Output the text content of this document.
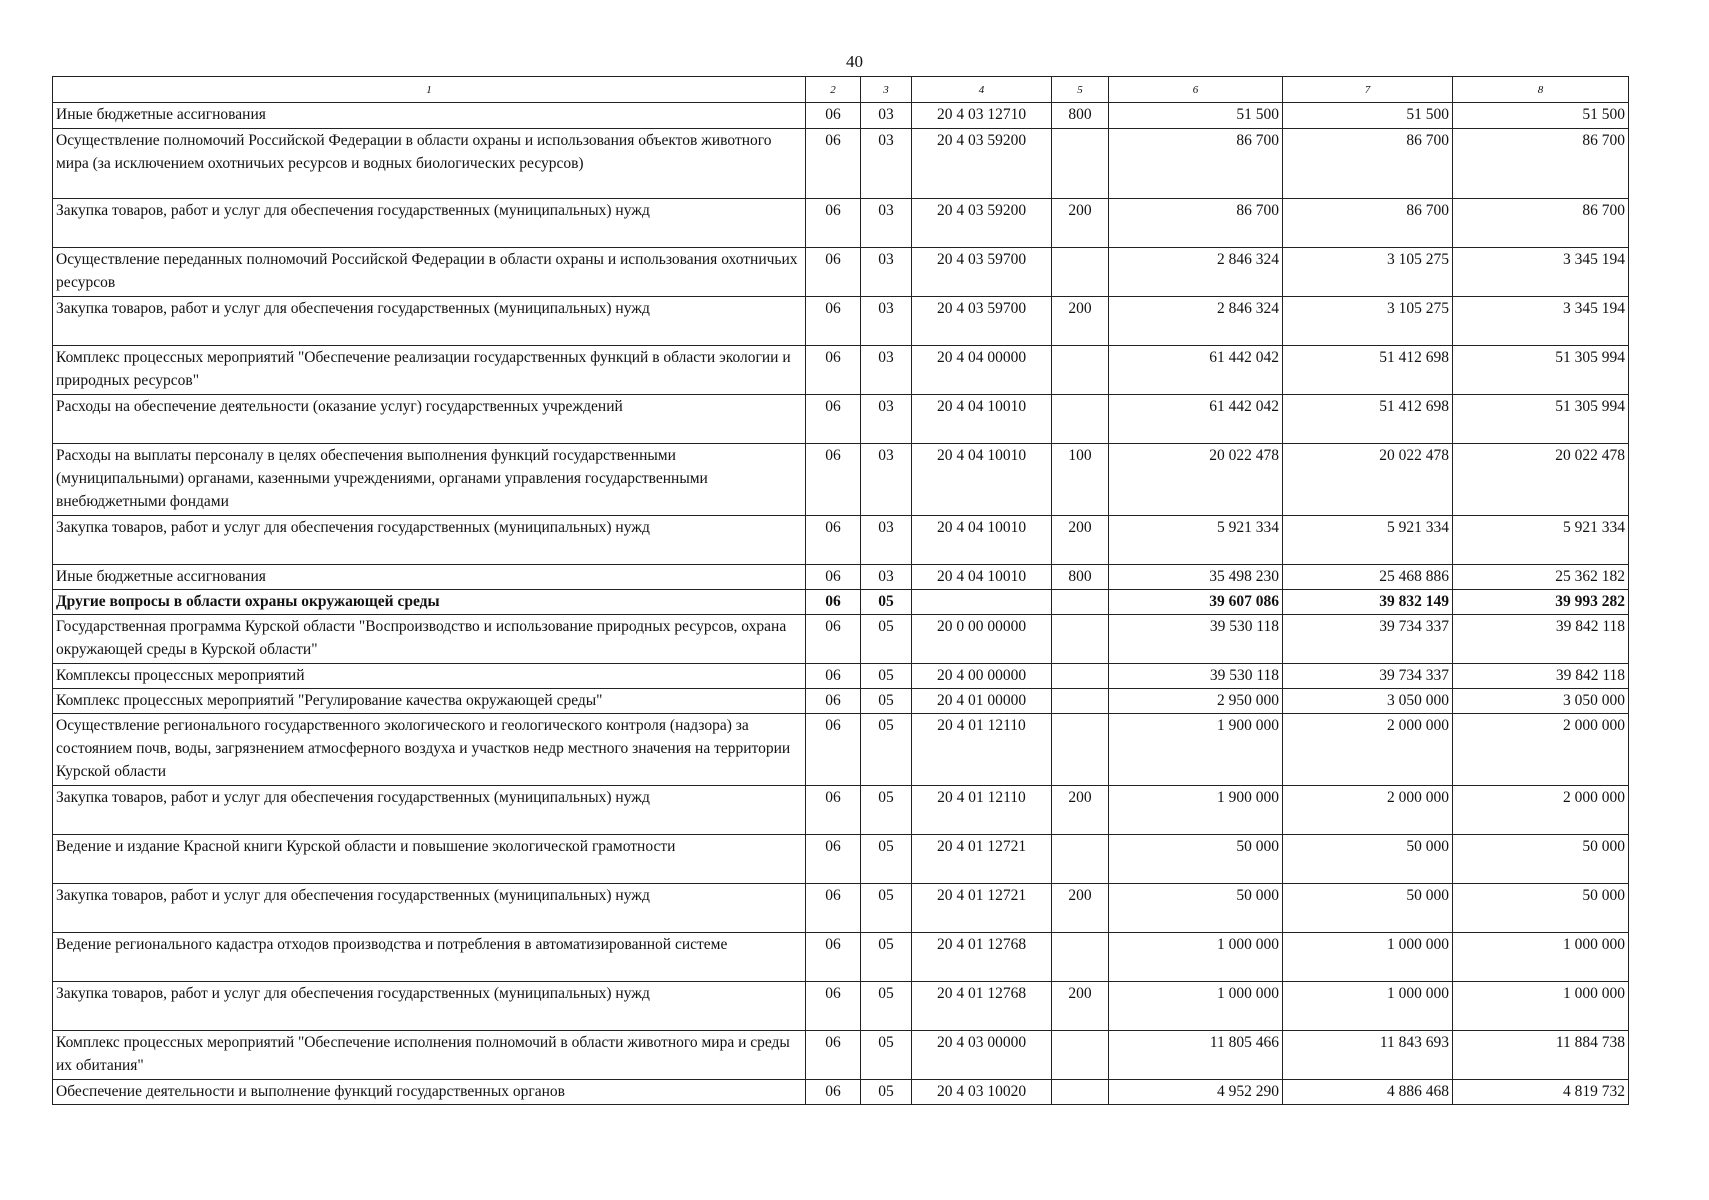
40
1	2	3	4	5	6	7	8
Иные бюджетные ассигнования	06	03	20 4 03 12710	800	51 500	51 500	51 500
Осуществление полномочий Российской Федерации в области охраны и использования объектов животного мира (за исключением охотничьих ресурсов и водных биологических ресурсов)	06	03	20 4 03 59200		86 700	86 700	86 700
Закупка товаров, работ и услуг для обеспечения государственных (муниципальных) нужд	06	03	20 4 03 59200	200	86 700	86 700	86 700
Осуществление переданных полномочий Российской Федерации в области охраны и использования охотничьих ресурсов	06	03	20 4 03 59700		2 846 324	3 105 275	3 345 194
Закупка товаров, работ и услуг для обеспечения государственных (муниципальных) нужд	06	03	20 4 03 59700	200	2 846 324	3 105 275	3 345 194
Комплекс процессных мероприятий "Обеспечение реализации государственных функций в области экологии и природных ресурсов"	06	03	20 4 04 00000		61 442 042	51 412 698	51 305 994
Расходы на обеспечение деятельности (оказание услуг) государственных учреждений	06	03	20 4 04 10010		61 442 042	51 412 698	51 305 994
Расходы на выплаты персоналу в целях обеспечения выполнения функций государственными (муниципальными) органами, казенными учреждениями, органами управления государственными внебюджетными фондами	06	03	20 4 04 10010	100	20 022 478	20 022 478	20 022 478
Закупка товаров, работ и услуг для обеспечения государственных (муниципальных) нужд	06	03	20 4 04 10010	200	5 921 334	5 921 334	5 921 334
Иные бюджетные ассигнования	06	03	20 4 04 10010	800	35 498 230	25 468 886	25 362 182
Другие вопросы в области охраны окружающей среды	06	05			39 607 086	39 832 149	39 993 282
Государственная программа Курской области "Воспроизводство и использование природных ресурсов, охрана окружающей среды в Курской области"	06	05	20 0 00 00000		39 530 118	39 734 337	39 842 118
Комплексы процессных мероприятий	06	05	20 4 00 00000		39 530 118	39 734 337	39 842 118
Комплекс процессных мероприятий "Регулирование качества окружающей среды"	06	05	20 4 01 00000		2 950 000	3 050 000	3 050 000
Осуществление регионального государственного экологического и геологического контроля (надзора) за состоянием почв, воды, загрязнением атмосферного воздуха и участков недр местного значения на территории Курской области	06	05	20 4 01 12110		1 900 000	2 000 000	2 000 000
Закупка товаров, работ и услуг для обеспечения государственных (муниципальных) нужд	06	05	20 4 01 12110	200	1 900 000	2 000 000	2 000 000
Ведение и издание Красной книги Курской области и повышение экологической грамотности	06	05	20 4 01 12721		50 000	50 000	50 000
Закупка товаров, работ и услуг для обеспечения государственных (муниципальных) нужд	06	05	20 4 01 12721	200	50 000	50 000	50 000
Ведение регионального кадастра отходов производства и потребления в автоматизированной системе	06	05	20 4 01 12768		1 000 000	1 000 000	1 000 000
Закупка товаров, работ и услуг для обеспечения государственных (муниципальных) нужд	06	05	20 4 01 12768	200	1 000 000	1 000 000	1 000 000
Комплекс процессных мероприятий "Обеспечение исполнения полномочий в области животного мира и среды их обитания"	06	05	20 4 03 00000		11 805 466	11 843 693	11 884 738
Обеспечение деятельности и выполнение функций государственных органов	06	05	20 4 03 10020		4 952 290	4 886 468	4 819 732
